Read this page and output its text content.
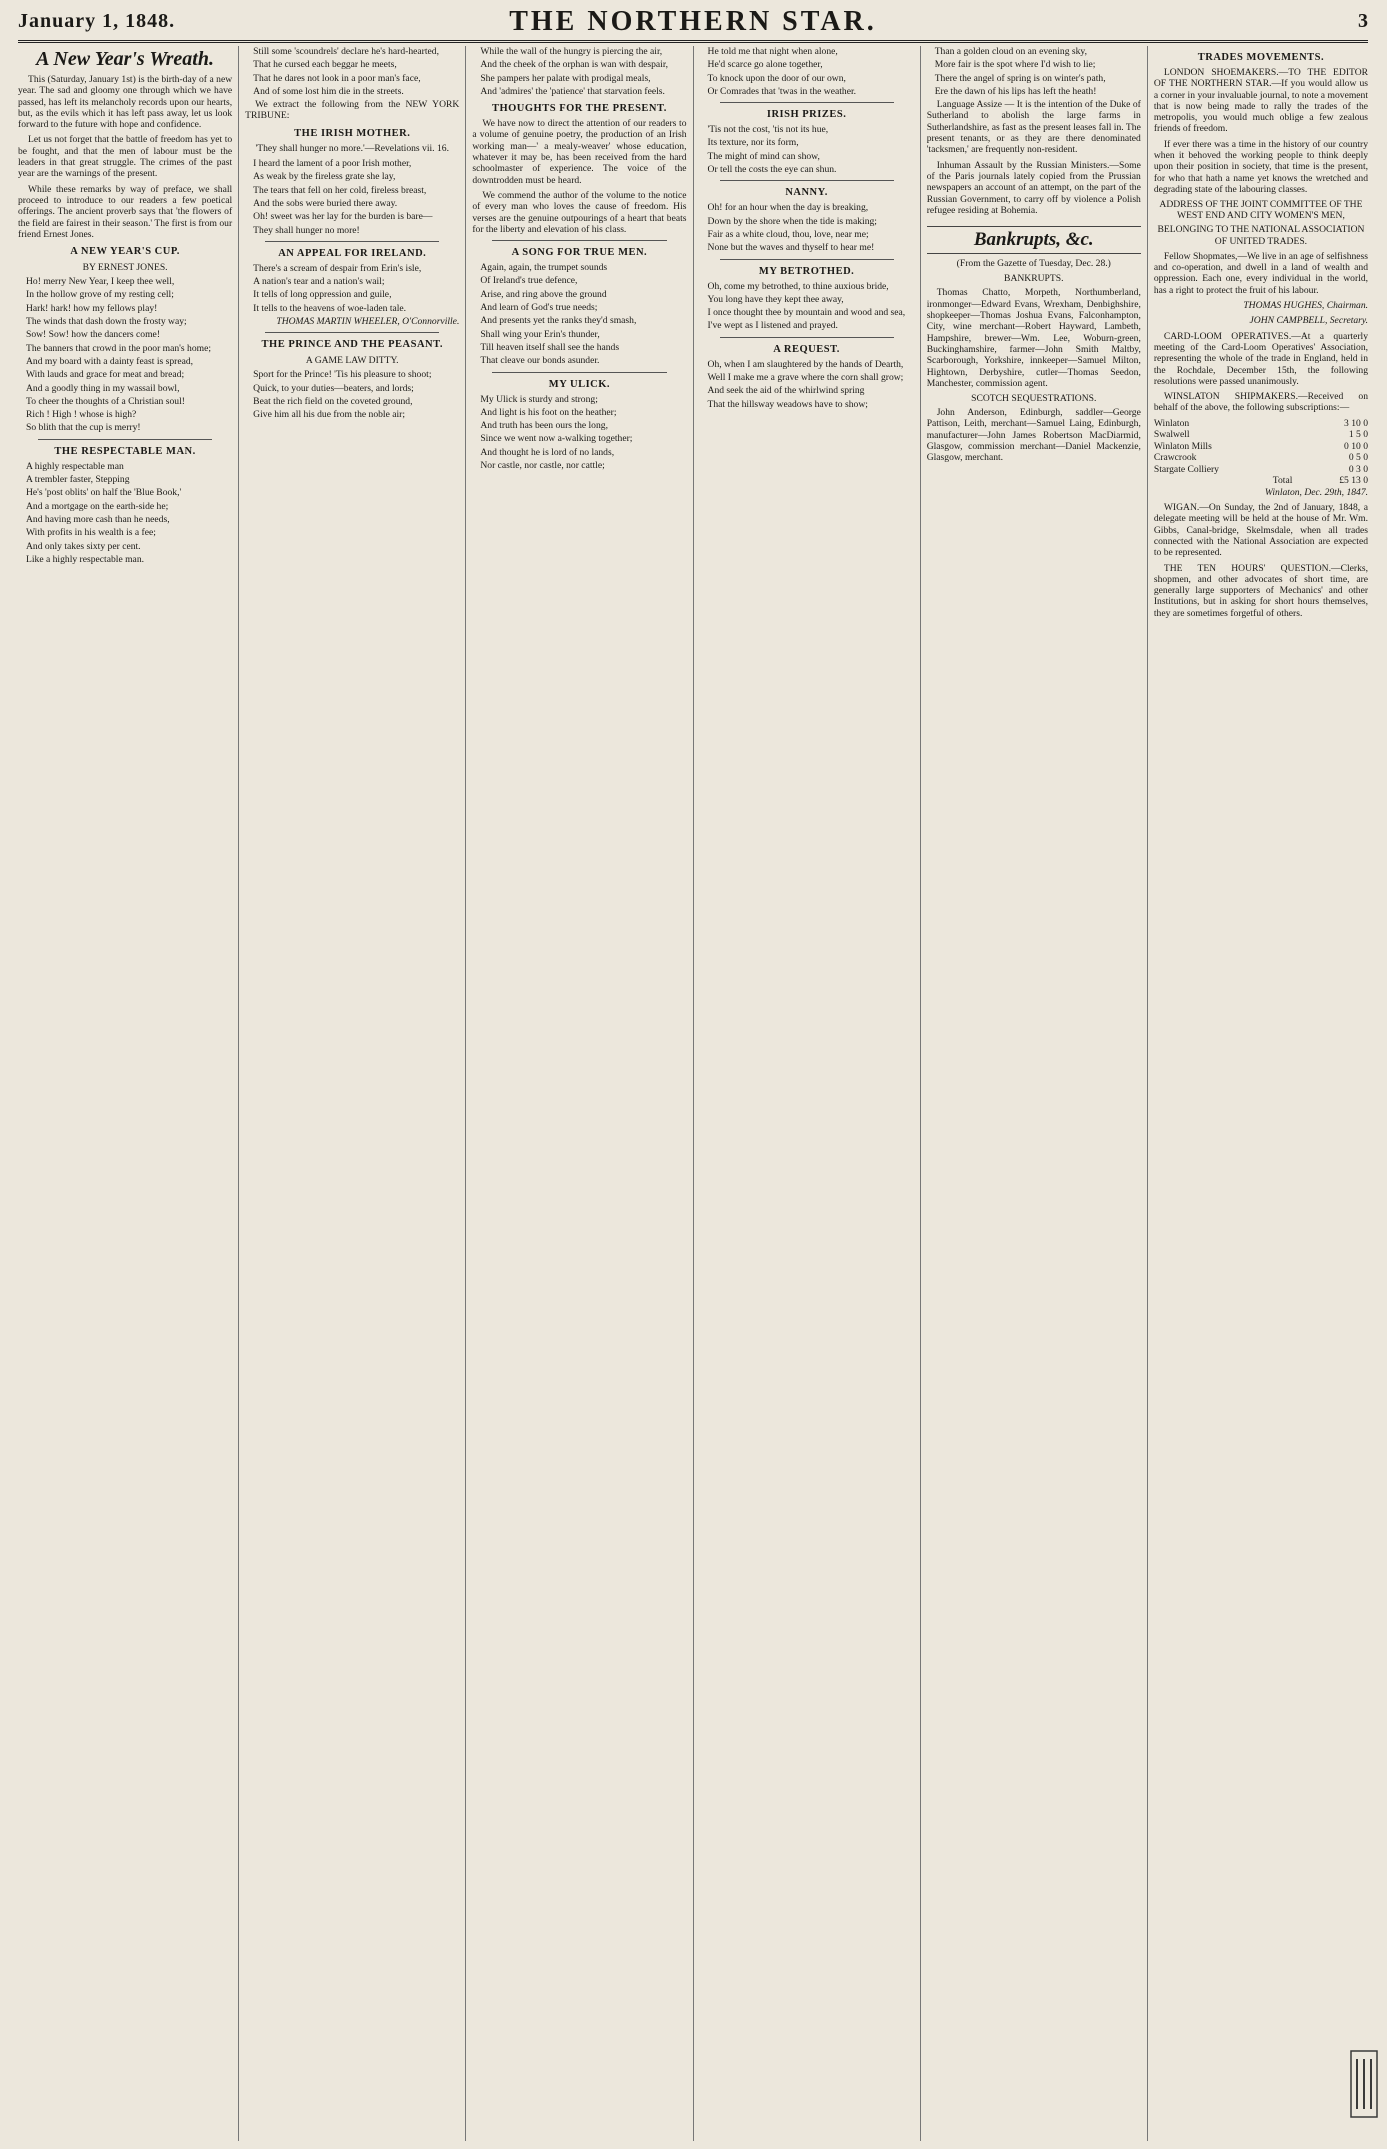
January 1, 1848.	THE NORTHERN STAR.	3
A New Year's Wreath.

This (Saturday, January 1st) is the birth-day of a new year. The sad and gloomy one through which we have passed, has left its melancholy records upon our hearts, but, as the evils which it has left pass away, let us look forward to the future with hope and confidence.

Let us not forget that the battle of freedom has yet to be fought, and that the men of labour must be the leaders in that great struggle. The crimes of the past year are the warnings of the present.

While these remarks by way of preface, we shall proceed to introduce to our readers a few poetical offerings. The ancient proverb says that 'the flowers of the field are fairest in their season.' The first is from our friend Ernest Jones.

A NEW YEAR'S CUP.
BY ERNEST JONES.

Ho! merry New Year, I keep thee well,

In the hollow grove of my resting cell;

Hark! hark! how my fellows play!

The winds that dash down the frosty way;

Sow! Sow! how the dancers come!

The banners that crowd in the poor man's home;

And my board with a dainty feast is spread,

With lauds and grace for meat and bread;

And a goodly thing in my wassail bowl,

To cheer the thoughts of a Christian soul!

Rich ! High ! whose is high?

So blith that the cup is merry!

THE RESPECTABLE MAN.

A highly respectable man

A trembler faster, Stepping

He's 'post oblits' on half the 'Blue Book,'

And a mortgage on the earth-side he;

And having more cash than he needs,

With profits in his wealth is a fee;

And only takes sixty per cent.

Like a highly respectable man.

Still some 'scoundrels' declare he's hard-hearted,

That he cursed each beggar he meets,

That he dares not look in a poor man's face,

And of some lost him die in the streets.

We extract the following from the NEW YORK TRIBUNE:

THE IRISH MOTHER.

'They shall hunger no more.'—Revelations vii. 16.

I heard the lament of a poor Irish mother,

As weak by the fireless grate she lay,

The tears that fell on her cold, fireless breast,

And the sobs were buried there away.

Oh! sweet was her lay for the burden is bare—

They shall hunger no more!

AN APPEAL FOR IRELAND.

There's a scream of despair from Erin's isle,

A nation's tear and a nation's wail;

It tells of long oppression and guile,

It tells to the heavens of woe-laden tale.

THOMAS MARTIN WHEELER, O'Connorville.

THE PRINCE AND THE PEASANT.
A GAME LAW DITTY.

Sport for the Prince! 'Tis his pleasure to shoot;

Quick, to your duties—beaters, and lords;

Beat the rich field on the coveted ground,

Give him all his due from the noble air;

While the wall of the hungry is piercing the air,

And the cheek of the orphan is wan with despair,

She pampers her palate with prodigal meals,

And 'admires' the 'patience' that starvation feels.

THOUGHTS FOR THE PRESENT.

We have now to direct the attention of our readers to a volume of genuine poetry, the production of an Irish working man—' a mealy-weaver' whose education, whatever it may be, has been received from the hard schoolmaster of experience. The voice of the downtrodden must be heard.

We commend the author of the volume to the notice of every man who loves the cause of freedom. His verses are the genuine outpourings of a heart that beats for the liberty and elevation of his class.

A SONG FOR TRUE MEN.

Again, again, the trumpet sounds

Of Ireland's true defence,

Arise, and ring above the ground

And learn of God's true needs;

And presents yet the ranks they'd smash,

Shall wing your Erin's thunder,

Till heaven itself shall see the hands

That cleave our bonds asunder.

MY ULICK.

My Ulick is sturdy and strong;

And light is his foot on the heather;

And truth has been ours the long,

Since we went now a-walking together;

And thought he is lord of no lands,

Nor castle, nor castle, nor cattle;

He told me that night when alone,

He'd scarce go alone together,

To knock upon the door of our own,

Or Comrades that 'twas in the weather.

IRISH PRIZES.

'Tis not the cost, 'tis not its hue,

Its texture, nor its form,

The might of mind can show,

Or tell the costs the eye can shun.

NANNY.

Oh! for an hour when the day is breaking,

Down by the shore when the tide is making;

Fair as a white cloud, thou, love, near me;

None but the waves and thyself to hear me!

MY BETROTHED.

Oh, come my betrothed, to thine auxious bride,

You long have they kept thee away,

I once thought thee by mountain and wood and sea,

I've wept as I listened and prayed.

A REQUEST.

Oh, when I am slaughtered by the hands of Dearth,

Well I make me a grave where the corn shall grow;

And seek the aid of the whirlwind spring

That the hillsway weadows have to show;

Than a golden cloud on an evening sky,

More fair is the spot where I'd wish to lie;

There the angel of spring is on winter's path,

Ere the dawn of his lips has left the heath!

Language Assize — It is the intention of the Duke of Sutherland to abolish the large farms in Sutherlandshire, as fast as the present leases fall in. The present tenants, or as they are there denominated 'tacksmen,' are frequently non-resident.

Inhuman Assault by the Russian Ministers.—Some of the Paris journals lately copied from the Prussian newspapers an account of an attempt, on the part of the Russian Government, to carry off by violence a Polish refugee residing at Bohemia.

Bankrupts, &c.

(From the Gazette of Tuesday, Dec. 28.)

BANKRUPTS.

Thomas Chatto, Morpeth, Northumberland, ironmonger—Edward Evans, Wrexham, Denbighshire, shopkeeper—Thomas Joshua Evans, Falconhampton, City, wine merchant—Robert Hayward, Lambeth, Hampshire, brewer—Wm. Lee, Woburn-green, Buckinghamshire, farmer—John Smith Maltby, Scarborough, Yorkshire, innkeeper—Samuel Milton, Hightown, Derbyshire, cutler—Thomas Seedon, Manchester, commission agent.

SCOTCH SEQUESTRATIONS.

John Anderson, Edinburgh, saddler—George Pattison, Leith, merchant—Samuel Laing, Edinburgh, manufacturer—John James Robertson MacDiarmid, Glasgow, commission merchant—Daniel Mackenzie, Glasgow, merchant.

TRADES MOVEMENTS.

LONDON SHOEMAKERS.—TO THE EDITOR OF THE NORTHERN STAR.—If you would allow us a corner in your invaluable journal, to note a movement that is now being made to rally the trades of the metropolis, you would much oblige a few zealous friends of freedom.

If ever there was a time in the history of our country when it behoved the working people to think deeply upon their position in society, that time is the present, for who that hath a name yet knows the wretched and degrading state of the labouring classes.

ADDRESS OF THE JOINT COMMITTEE OF THE WEST END AND CITY WOMEN'S MEN,

BELONGING TO THE NATIONAL ASSOCIATION OF UNITED TRADES.

Fellow Shopmates,—We live in an age of selfishness and co-operation, and dwell in a land of wealth and oppression. Each one, every individual in the world, has a right to protect the fruit of his labour.

THOMAS HUGHES, Chairman.

JOHN CAMPBELL, Secretary.

CARD-LOOM OPERATIVES.—At a quarterly meeting of the Card-Loom Operatives' Association, representing the whole of the trade in England, held in the Rochdale, December 15th, the following resolutions were passed unanimously.

WINSLATON SHIPMAKERS.—Received on behalf of the above, the following subscriptions:—

Winlaton	3 10 0
Swalwell	1 5 0
Winlaton Mills	0 10 0
Crawcrook	0 5 0
Stargate Colliery	0 3 0
Total	£5 13 0

Winlaton, Dec. 29th, 1847.

WIGAN.—On Sunday, the 2nd of January, 1848, a delegate meeting will be held at the house of Mr. Wm. Gibbs, Canal-bridge, Skelmsdale, when all trades connected with the National Association are expected to be represented.

THE TEN HOURS' QUESTION.—Clerks, shopmen, and other advocates of short time, are generally large supporters of Mechanics' and other Institutions, but in asking for short hours themselves, they are sometimes forgetful of others.
